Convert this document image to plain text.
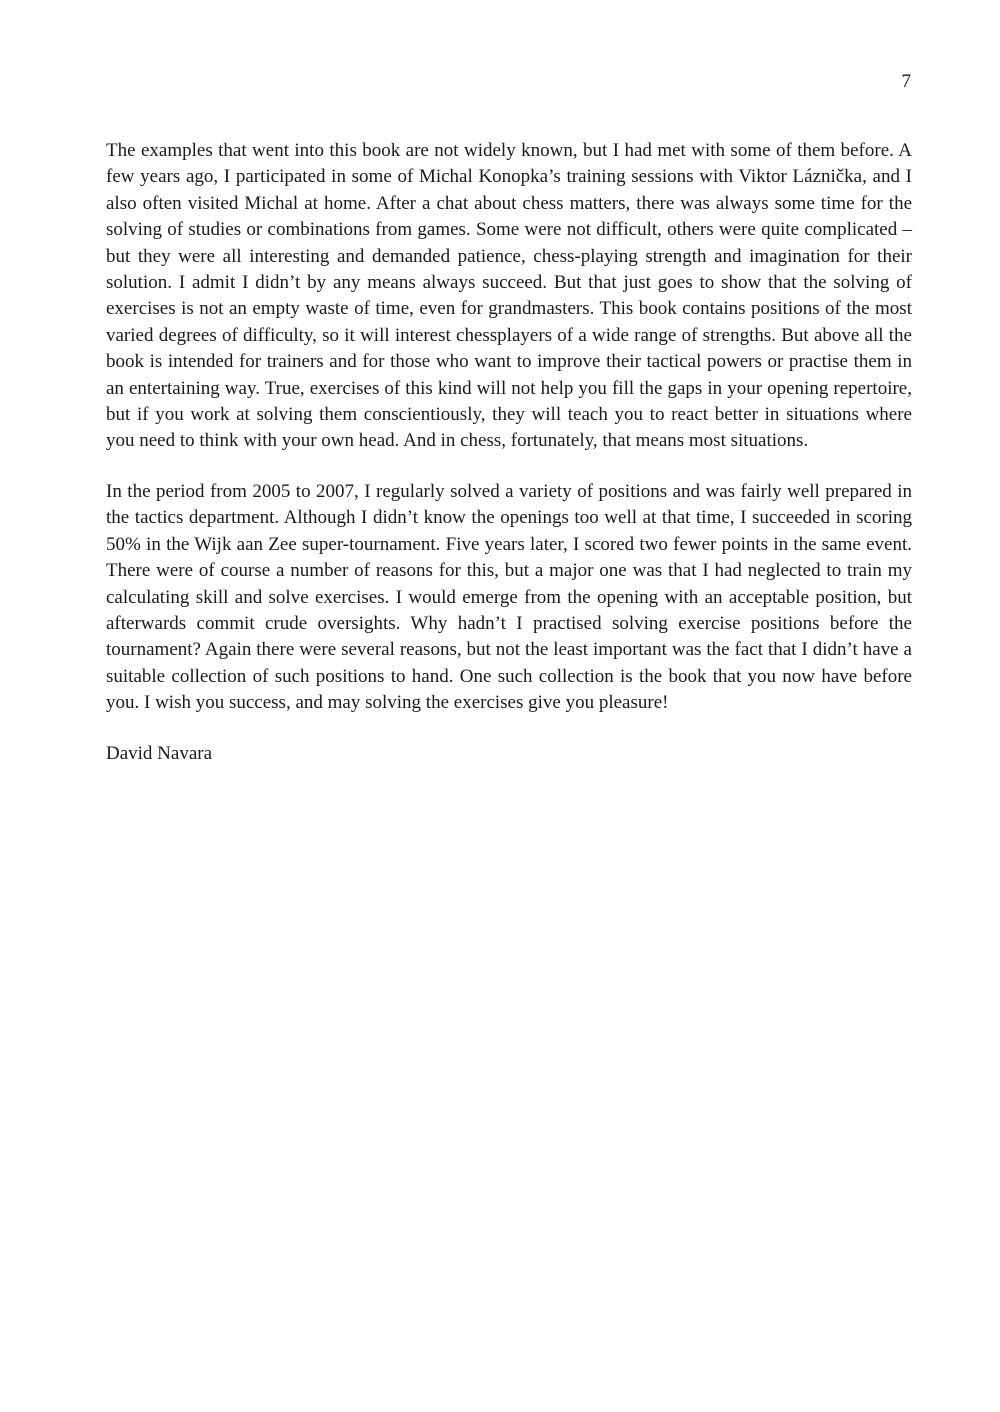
7

The examples that went into this book are not widely known, but I had met with some of them before. A few years ago, I participated in some of Michal Konopka’s training sessions with Viktor Láznička, and I also often visited Michal at home. After a chat about chess matters, there was always some time for the solving of studies or combinations from games. Some were not difficult, others were quite complicated – but they were all interesting and demanded patience, chess-playing strength and imagination for their solution. I admit I didn’t by any means always succeed. But that just goes to show that the solving of exercises is not an empty waste of time, even for grandmasters. This book contains positions of the most varied degrees of difficulty, so it will interest chessplayers of a wide range of strengths. But above all the book is intended for trainers and for those who want to improve their tactical powers or practise them in an entertaining way. True, exercises of this kind will not help you fill the gaps in your opening repertoire, but if you work at solving them conscientiously, they will teach you to react better in situations where you need to think with your own head. And in chess, fortunately, that means most situations.

In the period from 2005 to 2007, I regularly solved a variety of positions and was fairly well prepared in the tactics department. Although I didn’t know the openings too well at that time, I succeeded in scoring 50% in the Wijk aan Zee super-tournament. Five years later, I scored two fewer points in the same event. There were of course a number of reasons for this, but a major one was that I had neglected to train my calculating skill and solve exercises. I would emerge from the opening with an acceptable position, but afterwards commit crude oversights. Why hadn’t I practised solving exercise positions before the tournament? Again there were several reasons, but not the least important was the fact that I didn’t have a suitable collection of such positions to hand. One such collection is the book that you now have before you. I wish you success, and may solving the exercises give you pleasure!

David Navara
